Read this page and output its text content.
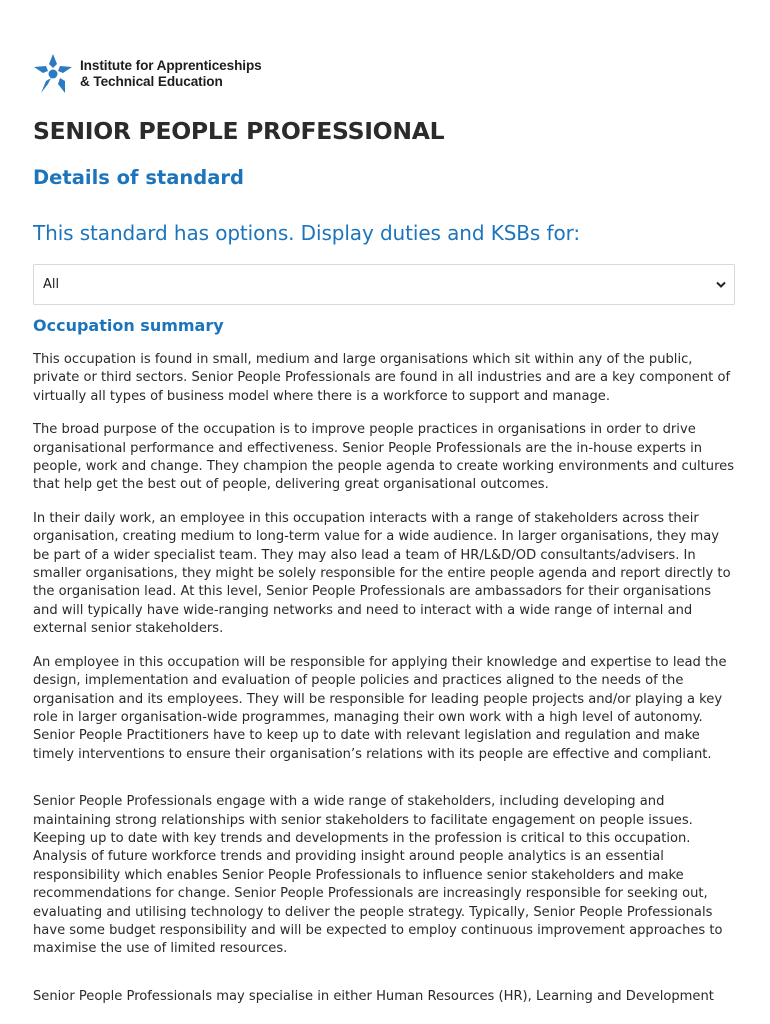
Institute for Apprenticeships
& Technical Education
SENIOR PEOPLE PROFESSIONAL
Details of standard
This standard has options. Display duties and KSBs for:
All
Occupation summary

This occupation is found in small, medium and large organisations which sit within any of the public,
private or third sectors. Senior People Professionals are found in all industries and are a key component of
virtually all types of business model where there is a workforce to support and manage.

The broad purpose of the occupation is to improve people practices in organisations in order to drive
organisational performance and effectiveness. Senior People Professionals are the in-house experts in
people, work and change. They champion the people agenda to create working environments and cultures
that help get the best out of people, delivering great organisational outcomes.

In their daily work, an employee in this occupation interacts with a range of stakeholders across their
organisation, creating medium to long-term value for a wide audience. In larger organisations, they may
be part of a wider specialist team. They may also lead a team of HR/L&D/OD consultants/advisers. In
smaller organisations, they might be solely responsible for the entire people agenda and report directly to
the organisation lead. At this level, Senior People Professionals are ambassadors for their organisations
and will typically have wide-ranging networks and need to interact with a wide range of internal and
external senior stakeholders.

An employee in this occupation will be responsible for applying their knowledge and expertise to lead the
design, implementation and evaluation of people policies and practices aligned to the needs of the
organisation and its employees. They will be responsible for leading people projects and/or playing a key
role in larger organisation-wide programmes, managing their own work with a high level of autonomy.
Senior People Practitioners have to keep up to date with relevant legislation and regulation and make
timely interventions to ensure their organisation’s relations with its people are effective and compliant.

Senior People Professionals engage with a wide range of stakeholders, including developing and
maintaining strong relationships with senior stakeholders to facilitate engagement on people issues.
Keeping up to date with key trends and developments in the profession is critical to this occupation.
Analysis of future workforce trends and providing insight around people analytics is an essential
responsibility which enables Senior People Professionals to influence senior stakeholders and make
recommendations for change. Senior People Professionals are increasingly responsible for seeking out,
evaluating and utilising technology to deliver the people strategy. Typically, Senior People Professionals
have some budget responsibility and will be expected to employ continuous improvement approaches to
maximise the use of limited resources.

Senior People Professionals may specialise in either Human Resources (HR), Learning and Development
